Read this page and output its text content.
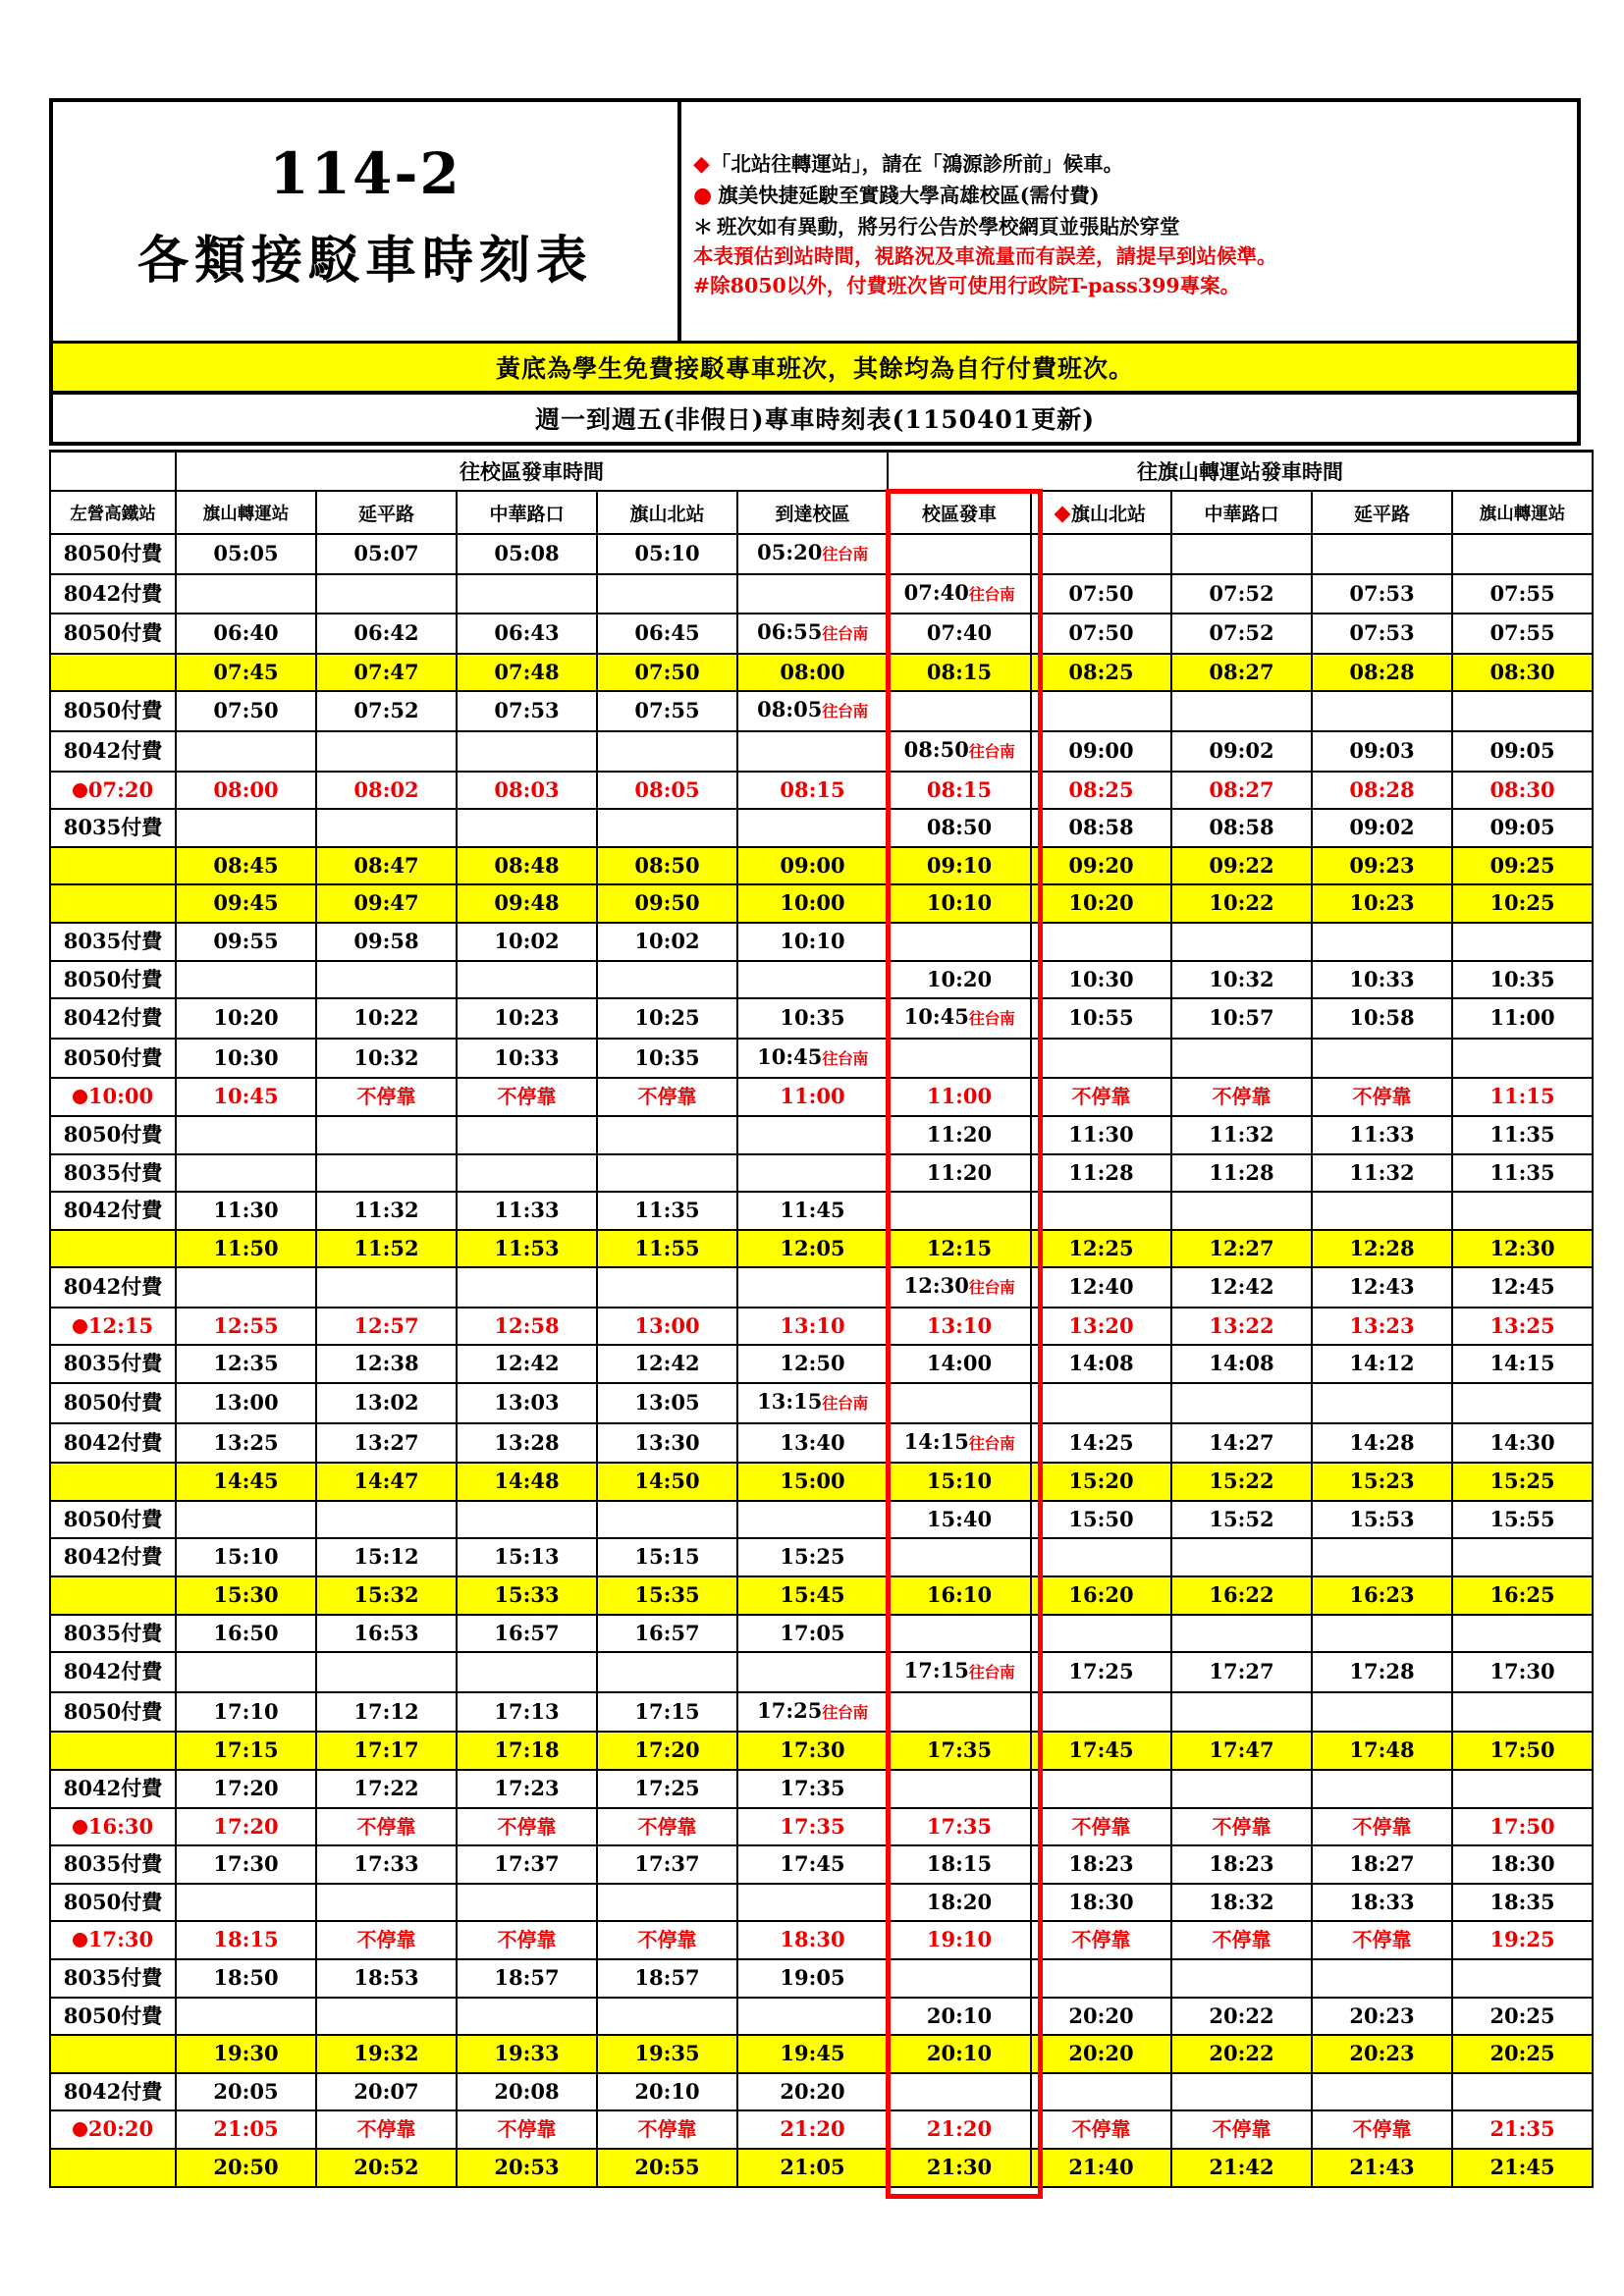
114-2
各類接駁車時刻表
◆「北站往轉運站」，請在「鴻源診所前」候車。
● 旗美快捷延駛至實踐大學高雄校區(需付費)
＊ 班次如有異動，將另行公告於學校網頁並張貼於穿堂
本表預估到站時間，視路況及車流量而有誤差，請提早到站候準。
#除8050以外，付費班次皆可使用行政院T-pass399專案。
黃底為學生免費接駁專車班次，其餘均為自行付費班次。
週一到週五(非假日)專車時刻表(1150401更新)
	往校區發車時間					往旗山轉運站發車時間				
左營高鐵站	旗山轉運站	延平路	中華路口	旗山北站	到達校區	校區發車	旗山北站	中華路口	延平路	旗山轉運站
8050付費	05:05	05:07	05:08	05:10	05:20往台南					
8042付費						07:40往台南	07:50	07:52	07:53	07:55
8050付費	06:40	06:42	06:43	06:45	06:55往台南	07:40	07:50	07:52	07:53	07:55
	07:45	07:47	07:48	07:50	08:00	08:15	08:25	08:27	08:28	08:30
8050付費	07:50	07:52	07:53	07:55	08:05往台南					
8042付費						08:50往台南	09:00	09:02	09:03	09:05
07:20	08:00	08:02	08:03	08:05	08:15	08:15	08:25	08:27	08:28	08:30
8035付費						08:50	08:58	08:58	09:02	09:05
	08:45	08:47	08:48	08:50	09:00	09:10	09:20	09:22	09:23	09:25
	09:45	09:47	09:48	09:50	10:00	10:10	10:20	10:22	10:23	10:25
8035付費	09:55	09:58	10:02	10:02	10:10					
8050付費						10:20	10:30	10:32	10:33	10:35
8042付費	10:20	10:22	10:23	10:25	10:35	10:45往台南	10:55	10:57	10:58	11:00
8050付費	10:30	10:32	10:33	10:35	10:45往台南					
10:00	10:45	不停靠	不停靠	不停靠	11:00	11:00	不停靠	不停靠	不停靠	11:15
8050付費						11:20	11:30	11:32	11:33	11:35
8035付費						11:20	11:28	11:28	11:32	11:35
8042付費	11:30	11:32	11:33	11:35	11:45					
	11:50	11:52	11:53	11:55	12:05	12:15	12:25	12:27	12:28	12:30
8042付費						12:30往台南	12:40	12:42	12:43	12:45
12:15	12:55	12:57	12:58	13:00	13:10	13:10	13:20	13:22	13:23	13:25
8035付費	12:35	12:38	12:42	12:42	12:50	14:00	14:08	14:08	14:12	14:15
8050付費	13:00	13:02	13:03	13:05	13:15往台南					
8042付費	13:25	13:27	13:28	13:30	13:40	14:15往台南	14:25	14:27	14:28	14:30
	14:45	14:47	14:48	14:50	15:00	15:10	15:20	15:22	15:23	15:25
8050付費						15:40	15:50	15:52	15:53	15:55
8042付費	15:10	15:12	15:13	15:15	15:25					
	15:30	15:32	15:33	15:35	15:45	16:10	16:20	16:22	16:23	16:25
8035付費	16:50	16:53	16:57	16:57	17:05					
8042付費						17:15往台南	17:25	17:27	17:28	17:30
8050付費	17:10	17:12	17:13	17:15	17:25往台南					
	17:15	17:17	17:18	17:20	17:30	17:35	17:45	17:47	17:48	17:50
8042付費	17:20	17:22	17:23	17:25	17:35					
16:30	17:20	不停靠	不停靠	不停靠	17:35	17:35	不停靠	不停靠	不停靠	17:50
8035付費	17:30	17:33	17:37	17:37	17:45	18:15	18:23	18:23	18:27	18:30
8050付費						18:20	18:30	18:32	18:33	18:35
17:30	18:15	不停靠	不停靠	不停靠	18:30	19:10	不停靠	不停靠	不停靠	19:25
8035付費	18:50	18:53	18:57	18:57	19:05					
8050付費						20:10	20:20	20:22	20:23	20:25
	19:30	19:32	19:33	19:35	19:45	20:10	20:20	20:22	20:23	20:25
8042付費	20:05	20:07	20:08	20:10	20:20					
20:20	21:05	不停靠	不停靠	不停靠	21:20	21:20	不停靠	不停靠	不停靠	21:35
	20:50	20:52	20:53	20:55	21:05	21:30	21:40	21:42	21:43	21:45
